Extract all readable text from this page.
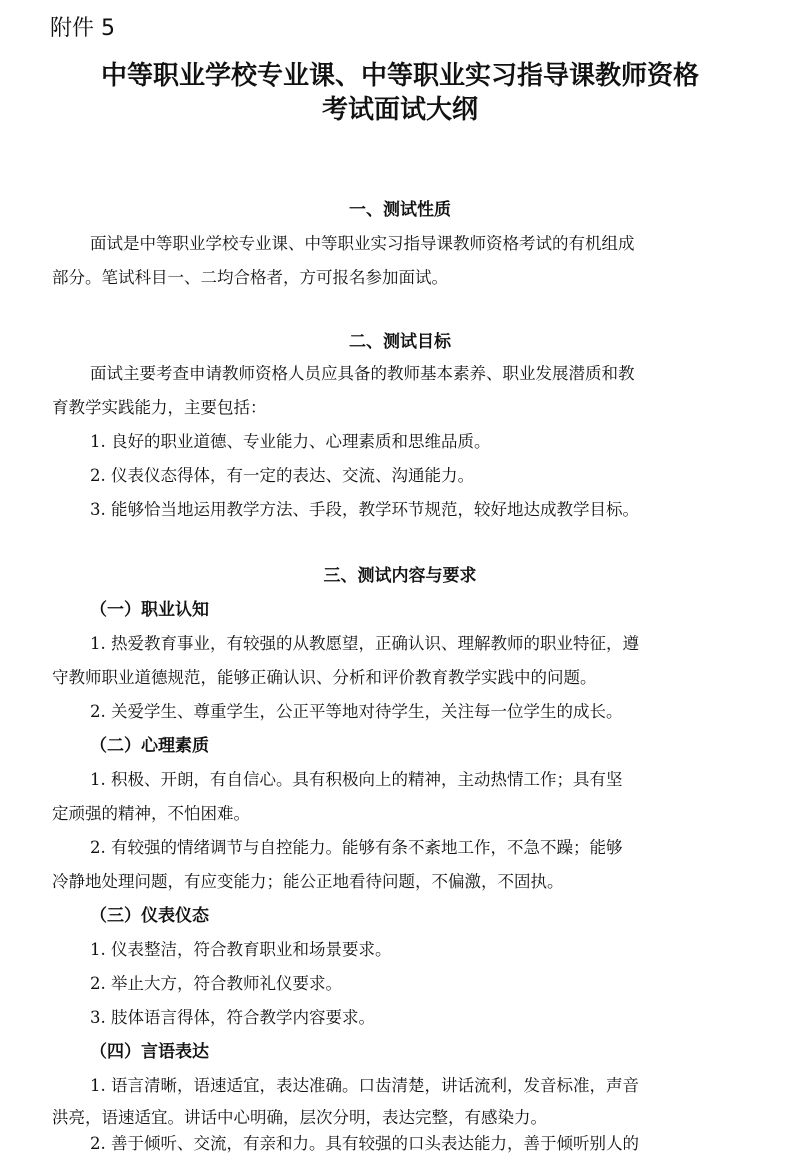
附件 5
中等职业学校专业课、中等职业实习指导课教师资格
考试面试大纲
一、测试性质
面试是中等职业学校专业课、中等职业实习指导课教师资格考试的有机组成
部分。笔试科目一、二均合格者，方可报名参加面试。
二、测试目标
面试主要考查申请教师资格人员应具备的教师基本素养、职业发展潜质和教
育教学实践能力，主要包括：
1. 良好的职业道德、专业能力、心理素质和思维品质。
2. 仪表仪态得体，有一定的表达、交流、沟通能力。
3. 能够恰当地运用教学方法、手段，教学环节规范，较好地达成教学目标。
三、测试内容与要求
（一）职业认知
1. 热爱教育事业，有较强的从教愿望，正确认识、理解教师的职业特征，遵
守教师职业道德规范，能够正确认识、分析和评价教育教学实践中的问题。
2. 关爱学生、尊重学生，公正平等地对待学生，关注每一位学生的成长。
（二）心理素质
1. 积极、开朗，有自信心。具有积极向上的精神，主动热情工作；具有坚
定顽强的精神，不怕困难。
2. 有较强的情绪调节与自控能力。能够有条不紊地工作，不急不躁；能够
冷静地处理问题，有应变能力；能公正地看待问题，不偏激，不固执。
（三）仪表仪态
1. 仪表整洁，符合教育职业和场景要求。
2. 举止大方，符合教师礼仪要求。
3. 肢体语言得体，符合教学内容要求。
（四）言语表达
1. 语言清晰，语速适宜，表达准确。口齿清楚，讲话流利，发音标准，声音
洪亮，语速适宜。讲话中心明确，层次分明，表达完整，有感染力。
2. 善于倾听、交流，有亲和力。具有较强的口头表达能力，善于倾听别人的
